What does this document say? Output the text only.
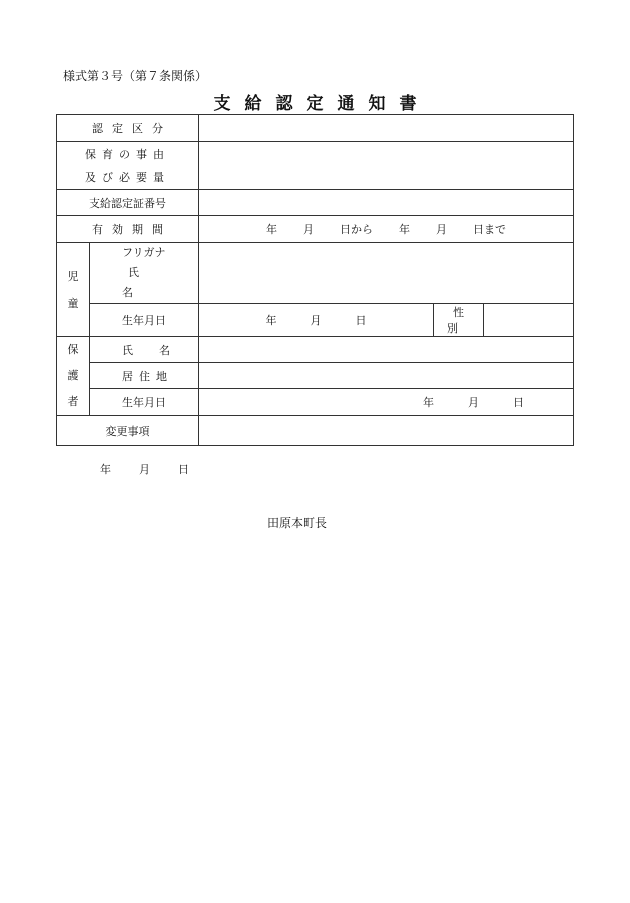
様式第３号（第７条関係）
支給認定通知書
認定区分				

保育の事由
及び必要量				

支給認定証番号				
有効期間		年 月 日から 年 月 日まで		

児童	フリガナ
氏名			

	生年月日	年 月 日	性別	

保護者	氏名			
	居住地			
	生年月日	年 月 日		
変更事項				
年	月	日
田原本町長
